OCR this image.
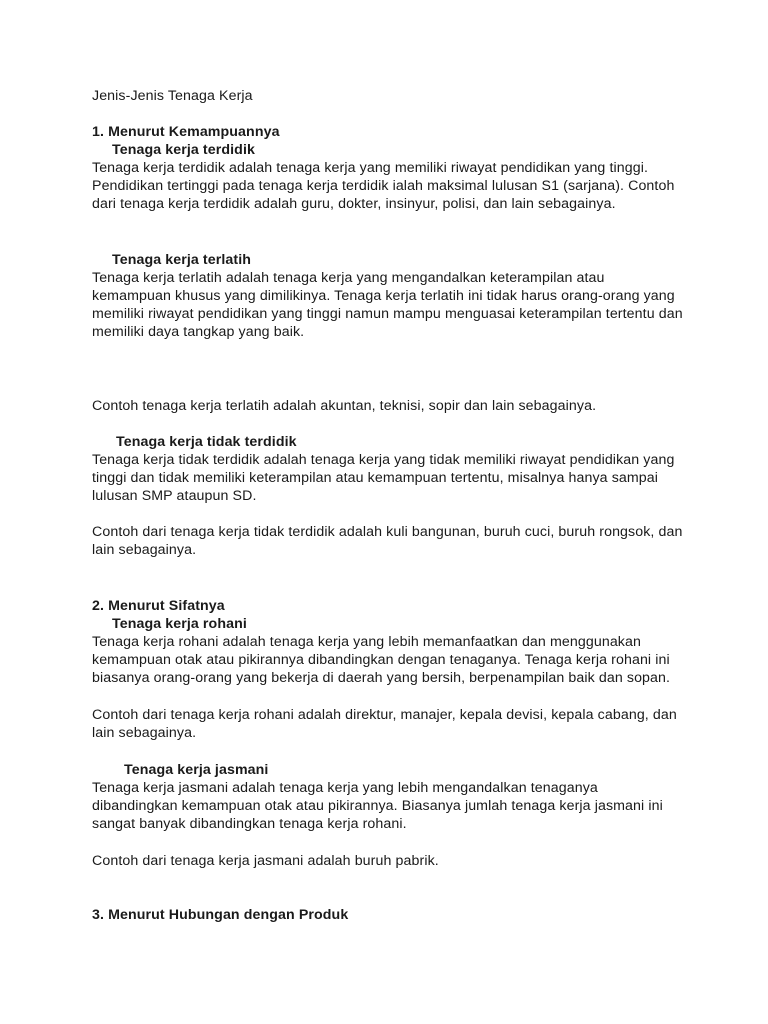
Jenis-Jenis Tenaga Kerja
1. Menurut Kemampuannya
Tenaga kerja terdidik
Tenaga kerja terdidik adalah tenaga kerja yang memiliki riwayat pendidikan yang tinggi.
Pendidikan tertinggi pada tenaga kerja terdidik ialah maksimal lulusan S1 (sarjana). Contoh
dari tenaga kerja terdidik adalah guru, dokter, insinyur, polisi, dan lain sebagainya.
Tenaga kerja terlatih
Tenaga kerja terlatih adalah tenaga kerja yang mengandalkan keterampilan atau
kemampuan khusus yang dimilikinya. Tenaga kerja terlatih ini tidak harus orang-orang yang
memiliki riwayat pendidikan yang tinggi namun mampu menguasai keterampilan tertentu dan
memiliki daya tangkap yang baik.
Contoh tenaga kerja terlatih adalah akuntan, teknisi, sopir dan lain sebagainya.
Tenaga kerja tidak terdidik
Tenaga kerja tidak terdidik adalah tenaga kerja yang tidak memiliki riwayat pendidikan yang
tinggi dan tidak memiliki keterampilan atau kemampuan tertentu, misalnya hanya sampai
lulusan SMP ataupun SD.
Contoh dari tenaga kerja tidak terdidik adalah kuli bangunan, buruh cuci, buruh rongsok, dan
lain sebagainya.
2. Menurut Sifatnya
Tenaga kerja rohani
Tenaga kerja rohani adalah tenaga kerja yang lebih memanfaatkan dan menggunakan
kemampuan otak atau pikirannya dibandingkan dengan tenaganya. Tenaga kerja rohani ini
biasanya orang-orang yang bekerja di daerah yang bersih, berpenampilan baik dan sopan.
Contoh dari tenaga kerja rohani adalah direktur, manajer, kepala devisi, kepala cabang, dan
lain sebagainya.
Tenaga kerja jasmani
Tenaga kerja jasmani adalah tenaga kerja yang lebih mengandalkan tenaganya
dibandingkan kemampuan otak atau pikirannya. Biasanya jumlah tenaga kerja jasmani ini
sangat banyak dibandingkan tenaga kerja rohani.
Contoh dari tenaga kerja jasmani adalah buruh pabrik.
3. Menurut Hubungan dengan Produk
